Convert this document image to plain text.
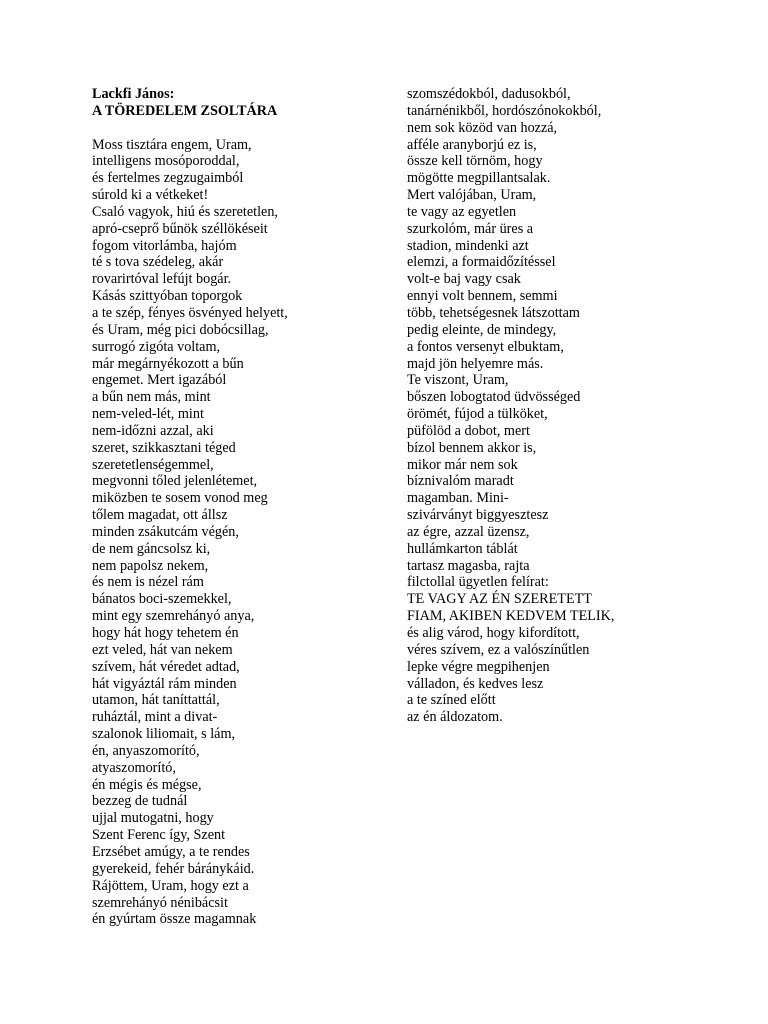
Lackfi János:
A TÖREDELEM ZSOLTÁRA
Moss tisztára engem, Uram,
intelligens mosóporoddal,
és fertelmes zegzugaimból
súrold ki a vétkeket!
Csaló vagyok, hiú és szeretetlen,
apró-cseprő bűnök széllökéseit
fogom vitorlámba, hajóm
té s tova szédeleg, akár
rovarirtóval lefújt bogár.
Kásás szittyóban toporgok
a te szép, fényes ösvényed helyett,
és Uram, még pici dobócsillag,
surrogó zigóta voltam,
már megárnyékozott a bűn
engemet. Mert igazából
a bűn nem más, mint
nem-veled-lét, mint
nem-időzni azzal, aki
szeret, szikkasztani téged
szeretetlenségemmel,
megvonni tőled jelenlétemet,
miközben te sosem vonod meg
tőlem magadat, ott állsz
minden zsákutcám végén,
de nem gáncsolsz ki,
nem papolsz nekem,
és nem is nézel rám
bánatos boci-szemekkel,
mint egy szemrehányó anya,
hogy hát hogy tehetem én
ezt veled, hát van nekem
szívem, hát véredet adtad,
hát vigyáztál rám minden
utamon, hát taníttattál,
ruháztál, mint a divat-
szalonok liliomait, s lám,
én, anyaszomorító,
atyaszomorító,
én mégis és mégse,
bezzeg de tudnál
ujjal mutogatni, hogy
Szent Ferenc így, Szent
Erzsébet amúgy, a te rendes
gyerekeid, fehér báránykáid.
Rájöttem, Uram, hogy ezt a
szemrehányó nénibácsit
én gyúrtam össze magamnak
szomszédokból, dadusokból,
tanárnénikből, hordószónokokból,
nem sok közöd van hozzá,
afféle aranyborjú ez is,
össze kell törnöm, hogy
mögötte megpillantsalak.
Mert valójában, Uram,
te vagy az egyetlen
szurkolóm, már üres a
stadion, mindenki azt
elemzi, a formaidőzítéssel
volt-e baj vagy csak
ennyi volt bennem, semmi
több, tehetségesnek látszottam
pedig eleinte, de mindegy,
a fontos versenyt elbuktam,
majd jön helyemre más.
Te viszont, Uram,
bőszen lobogtatod üdvösséged
örömét, fújod a tülköket,
püfölöd a dobot, mert
bízol bennem akkor is,
mikor már nem sok
bíznivalóm maradt
magamban. Mini-
szivárványt biggyesztesz
az égre, azzal üzensz,
hullámkarton táblát
tartasz magasba, rajta
filctollal ügyetlen felírat:
TE VAGY AZ ÉN SZERETETT
FIAM, AKIBEN KEDVEM TELIK,
és alig várod, hogy kifordított,
véres szívem, ez a valószínűtlen
lepke végre megpihenjen
válladon, és kedves lesz
a te színed előtt
az én áldozatom.
